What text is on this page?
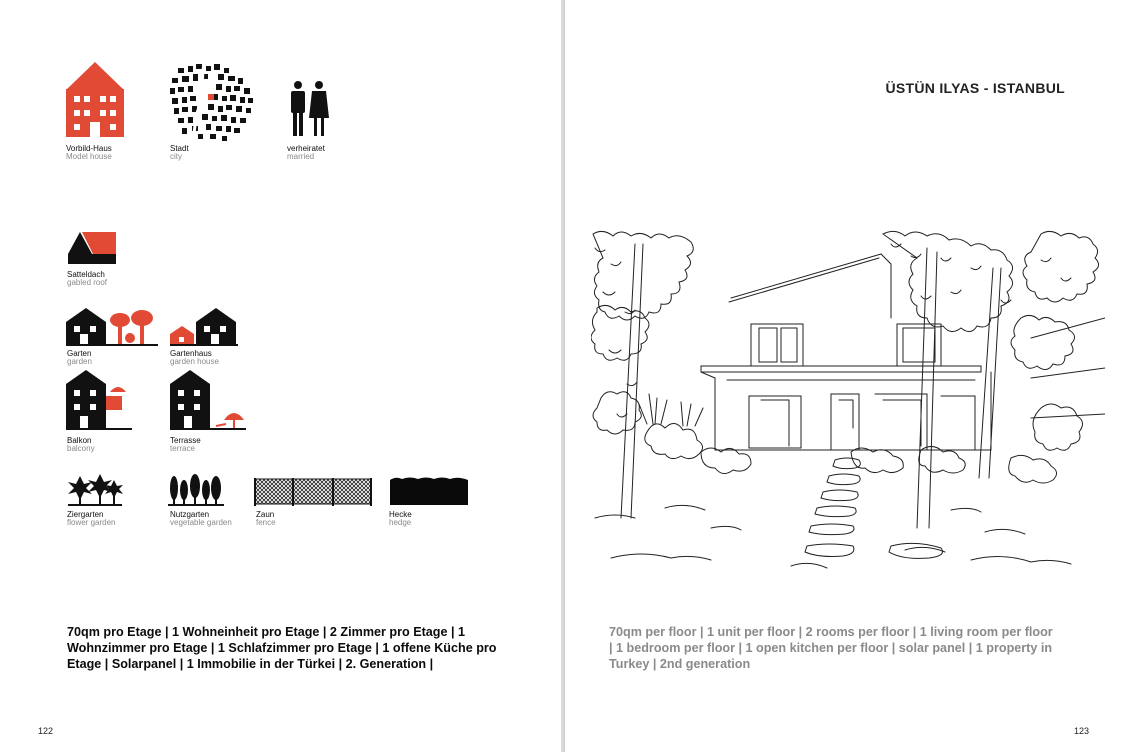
Vorbild-Haus
Model house
Stadt
city
verheiratet
married
Satteldach
gabled roof
Garten
garden
Gartenhaus
garden house
Balkon
balcony
Terrasse
terrace
Ziergarten
flower garden
Nutzgarten
vegetable garden
Zaun
fence
Hecke
hedge
70qm pro Etage | 1 Wohneinheit pro Etage | 2 Zimmer pro Etage | 1 Wohnzimmer pro Etage | 1 Schlafzimmer pro Etage | 1 offene Küche pro Etage | Solarpanel | 1 Immobilie in der Türkei | 2. Generation |
122
ÜSTÜN ILYAS - ISTANBUL
70qm per floor | 1 unit per floor | 2 rooms per floor | 1 living room per floor | 1 bedroom per floor | 1 open kitchen per floor | solar panel | 1 property in Turkey | 2nd generation
123
